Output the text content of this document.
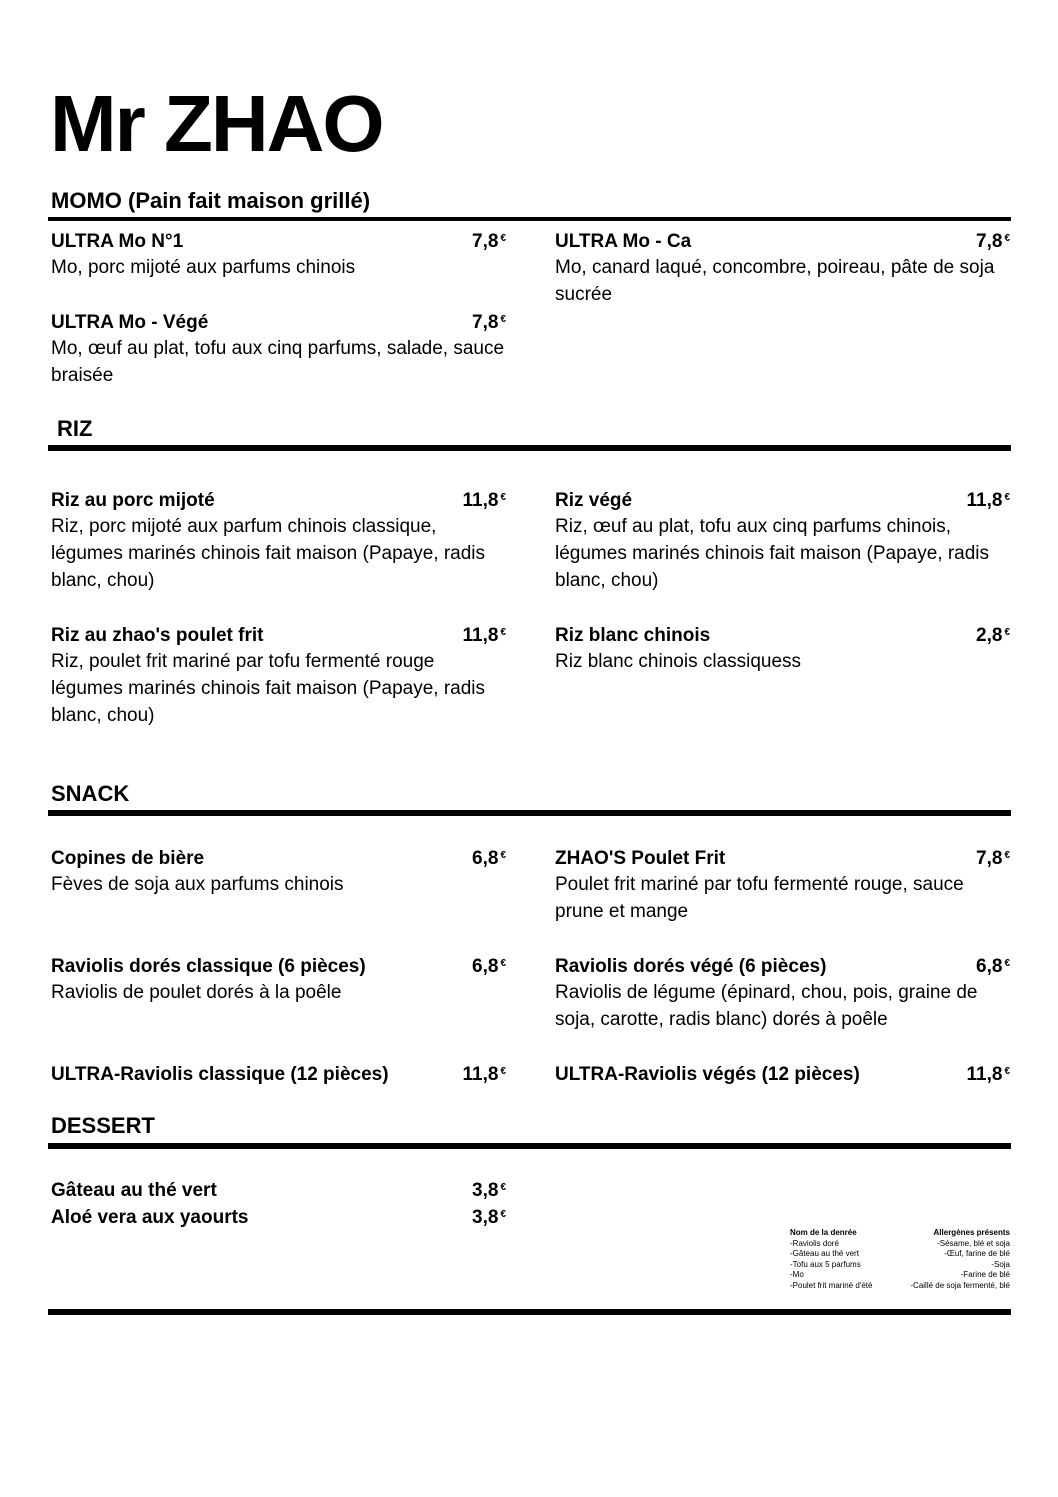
Mr ZHAO
MOMO (Pain fait maison grillé)
ULTRA Mo N°1	7,8 €

Mo, porc mijoté aux parfums chinois

ULTRA Mo - Ca	7,8 €

Mo, canard laqué, concombre, poireau, pâte de soja sucrée

ULTRA Mo - Végé	7,8 €

Mo, œuf au plat, tofu aux cinq parfums, salade, sauce braisée

RIZ
Riz au porc mijoté	11,8 €

Riz, porc mijoté aux parfum chinois classique, légumes marinés chinois fait maison (Papaye, radis blanc, chou)

Riz végé	11,8 €

Riz, œuf au plat, tofu aux cinq parfums chinois, légumes marinés chinois fait maison (Papaye, radis blanc, chou)

Riz au zhao's poulet frit	11,8 €

Riz, poulet frit mariné par tofu fermenté rouge légumes marinés chinois fait maison (Papaye, radis blanc, chou)

Riz blanc chinois	2,8 €

Riz blanc chinois classiquess

SNACK
Copines de bière	6,8 €

Fèves de soja aux parfums chinois

ZHAO'S Poulet Frit	7,8 €

Poulet frit mariné par tofu fermenté rouge, sauce prune et mange

Raviolis dorés classique (6 pièces)	6,8 €

Raviolis de poulet dorés à la poêle

Raviolis dorés végé (6 pièces)	6,8 €

Raviolis de légume (épinard, chou, pois, graine de soja, carotte, radis blanc) dorés à poêle

ULTRA-Raviolis classique (12 pièces)	11,8 €	ULTRA-Raviolis végés (12 pièces)	11,8 €
DESSERT
Gâteau au thé vert	3,8 €
Aloé vera aux yaourts	3,8 €
Nom de la denrée	Allergènes présents
-Raviolis doré	-Sésame, blé et soja
-Gâteau au thé vert	-Œuf, farine de blé
-Tofu aux 5 parfums	-Soja
-Mo	-Farine de blé
-Poulet frit mariné d'été	-Caillé de soja fermenté, blé
